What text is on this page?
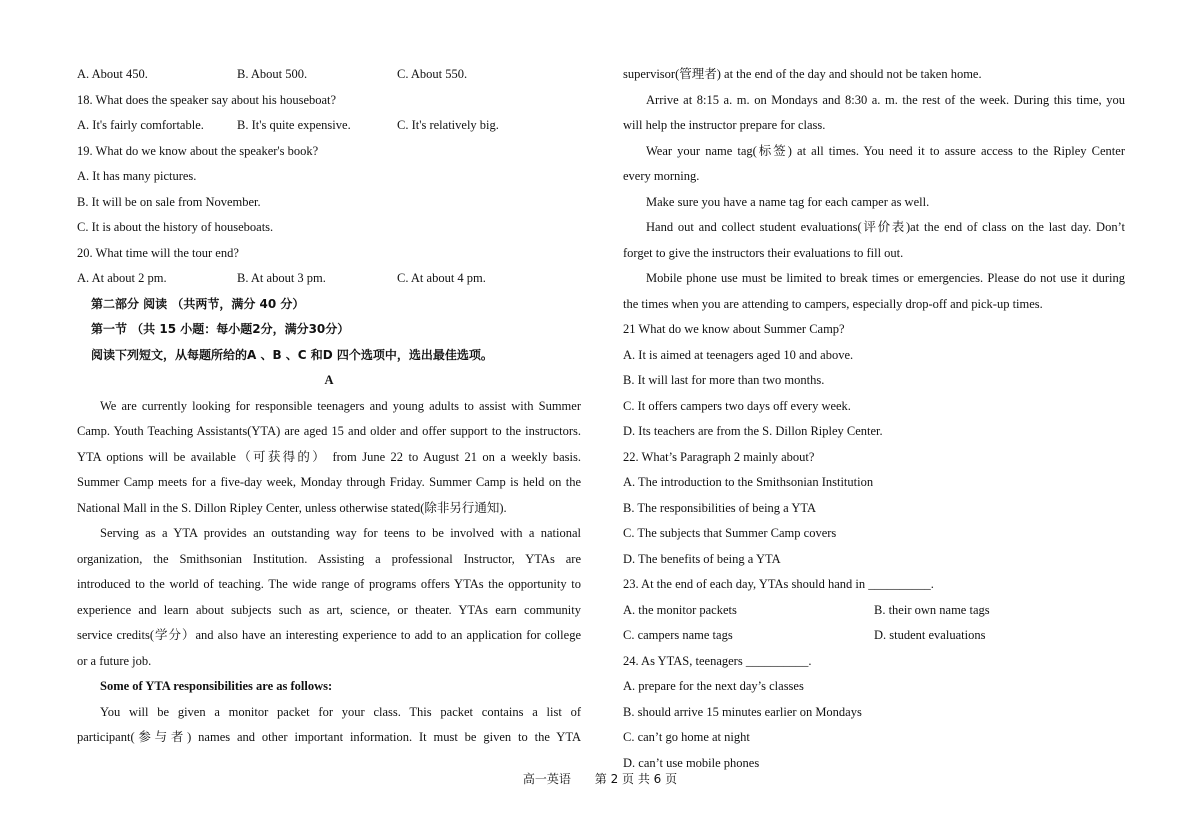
A. About 450.	B. About 500.	C. About 550.
18. What does the speaker say about his houseboat?
A. It's fairly comfortable.	B. It's quite expensive.	C. It's relatively big.
19. What do we know about the speaker's book?
A. It has many pictures.
B. It will be on sale from November.
C. It is about the history of houseboats.
20. What time will the tour end?
A. At about 2 pm.	B. At about 3 pm.	C. At about 4 pm.
第二部分 阅读 （共两节，满分 40 分）
第一节 （共 15 小题：每小题2分，满分30分）
阅读下列短文，从每题所给的A 、B 、C 和D 四个选项中，选出最佳选项。
A
We are currently looking for responsible teenagers and young adults to assist with Summer
Camp. Youth Teaching Assistants(YTA) are aged 15 and older and offer support to the instructors.
YTA options will be available（可获得的） from June 22 to August 21 on a weekly basis.
Summer Camp meets for a five-day week, Monday through Friday. Summer Camp is held on the
National Mall in the S. Dillon Ripley Center, unless otherwise stated(除非另行通知).
Serving as a YTA provides an outstanding way for teens to be involved with a national
organization, the Smithsonian Institution. Assisting a professional Instructor, YTAs are
introduced to the world of teaching. The wide range of programs offers YTAs the opportunity to
experience and learn about subjects such as art, science, or theater. YTAs earn community
service credits(学分）and also have an interesting experience to add to an application for college
or a future job.
Some of YTA responsibilities are as follows:
You will be given a monitor packet for your class. This packet contains a list of
participant(参与者) names and other important information. It must be given to the YTA
supervisor(管理者) at the end of the day and should not be taken home.
Arrive at 8:15 a. m. on Mondays and 8:30 a. m. the rest of the week. During this time, you
will help the instructor prepare for class.
Wear your name tag(标签) at all times. You need it to assure access to the Ripley Center
every morning.
Make sure you have a name tag for each camper as well.
Hand out and collect student evaluations(评价表)at the end of class on the last day. Don’t
forget to give the instructors their evaluations to fill out.
Mobile phone use must be limited to break times or emergencies. Please do not use it during
the times when you are attending to campers, especially drop-off and pick-up times.
21 What do we know about Summer Camp?
A. It is aimed at teenagers aged 10 and above.
B. It will last for more than two months.
C. It offers campers two days off every week.
D. Its teachers are from the S. Dillon Ripley Center.
22. What’s Paragraph 2 mainly about?
A. The introduction to the Smithsonian Institution
B. The responsibilities of being a YTA
C. The subjects that Summer Camp covers
D. The benefits of being a YTA
23. At the end of each day, YTAs should hand in __________.
A. the monitor packets	B. their own name tags
C. campers name tags	D. student evaluations
24. As YTAS, teenagers __________.
A. prepare for the next day’s classes
B. should arrive 15 minutes earlier on Mondays
C. can’t go home at night
D. can’t use mobile phones
高一英语 第 2 页 共 6 页
